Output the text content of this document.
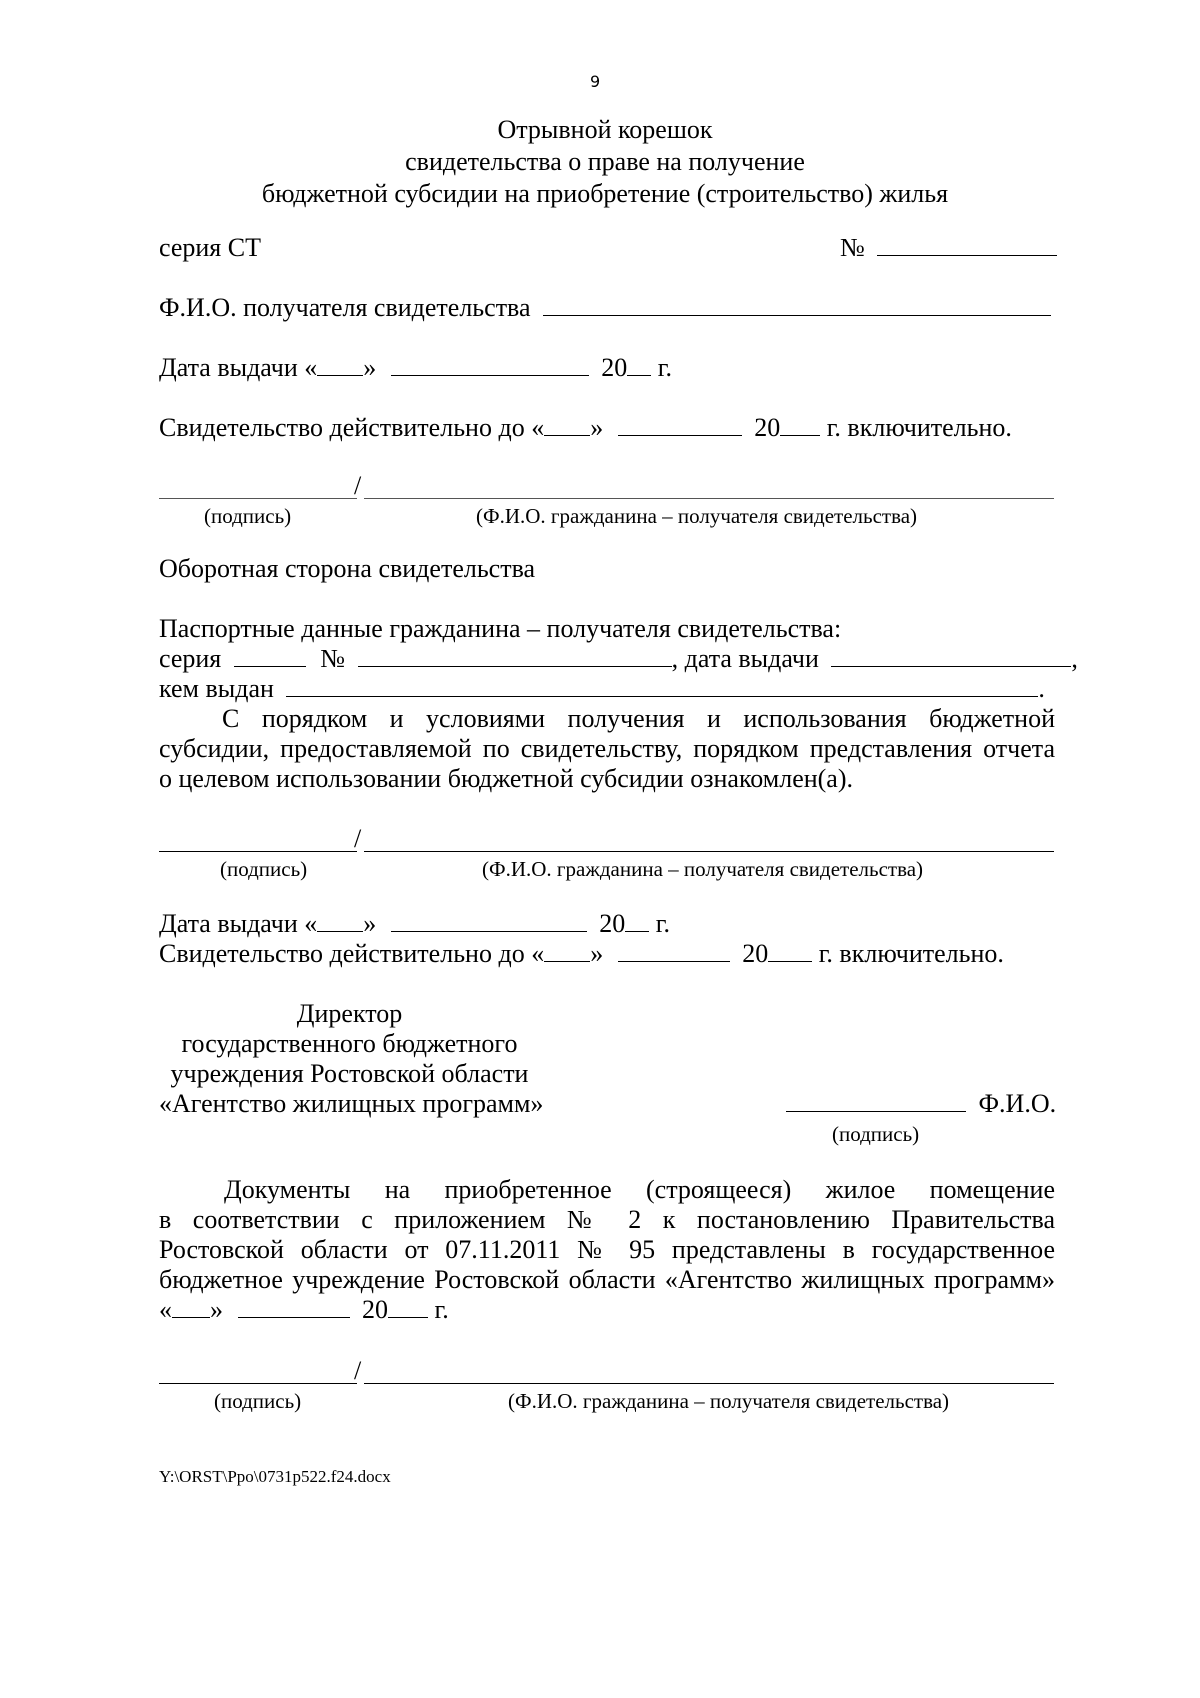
9
Отрывной корешок
свидетельства о праве на получение
бюджетной субсидии на приобретение (строительство) жилья
серия СТ	№
Ф.И.О. получателя свидетельства
Дата выдачи « »	20 г.
Свидетельство действительно до « »	20 г. включительно.
/
(подпись)	(Ф.И.О. гражданина – получателя свидетельства)
Оборотная сторона свидетельства
Паспортные данные гражданина – получателя свидетельства:
серия	№	, дата выдачи	,
кем выдан	.
С порядком и условиями получения и использования бюджетной
субсидии, предоставляемой по свидетельству, порядком представления отчета
о целевом использовании бюджетной субсидии ознакомлен(а).
/
(подпись)	(Ф.И.О. гражданина – получателя свидетельства)
Дата выдачи « »	20 г.
Свидетельство действительно до « »	20 г. включительно.
Директор
государственного бюджетного
учреждения Ростовской области
«Агентство жилищных программ»	Ф.И.О.
(подпись)
Документы на приобретенное (строящееся) жилое помещение
в соответствии с приложением № 2 к постановлению Правительства
Ростовской области от 07.11.2011 № 95 представлены в государственное
бюджетное учреждение Ростовской области «Агентство жилищных программ»
« »	20 г.
/
(подпись)	(Ф.И.О. гражданина – получателя свидетельства)
Y:\ORST\Ppo\0731p522.f24.docx
